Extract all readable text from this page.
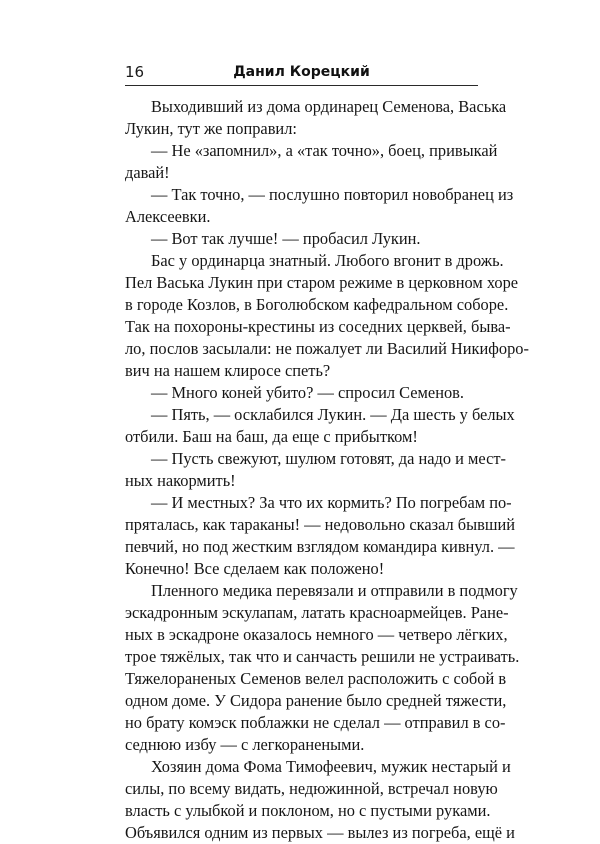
16	Данил Корецкий
Выходивший из дома ординарец Семенова, Васька
Лукин, тут же поправил:
— Не «запомнил», а «так точно», боец, привыкай
давай!
— Так точно, — послушно повторил новобранец из
Алексеевки.
— Вот так лучше! — пробасил Лукин.
Бас у ординарца знатный. Любого вгонит в дрожь.
Пел Васька Лукин при старом режиме в церковном хоре
в городе Козлов, в Боголюбском кафедральном соборе.
Так на похороны-крестины из соседних церквей, быва-
ло, послов засылали: не пожалует ли Василий Никифоро-
вич на нашем клиросе спеть?
— Много коней убито? — спросил Семенов.
— Пять, — осклабился Лукин. — Да шесть у белых
отбили. Баш на баш, да еще с прибытком!
— Пусть свежуют, шулюм готовят, да надо и мест-
ных накормить!
— И местных? За что их кормить? По погребам по-
пряталась, как тараканы! — недовольно сказал бывший
певчий, но под жестким взглядом командира кивнул. —
Конечно! Все сделаем как положено!
Пленного медика перевязали и отправили в подмогу
эскадронным эскулапам, латать красноармейцев. Ране-
ных в эскадроне оказалось немного — четверо лёгких,
трое тяжёлых, так что и санчасть решили не устраивать.
Тяжелораненых Семенов велел расположить с собой в
одном доме. У Сидора ранение было средней тяжести,
но брату комэск поблажки не сделал — отправил в со-
седнюю избу — с легкоранеными.
Хозяин дома Фома Тимофеевич, мужик нестарый и
силы, по всему видать, недюжинной, встречал новую
власть с улыбкой и поклоном, но с пустыми руками.
Объявился одним из первых — вылез из погреба, ещё и
